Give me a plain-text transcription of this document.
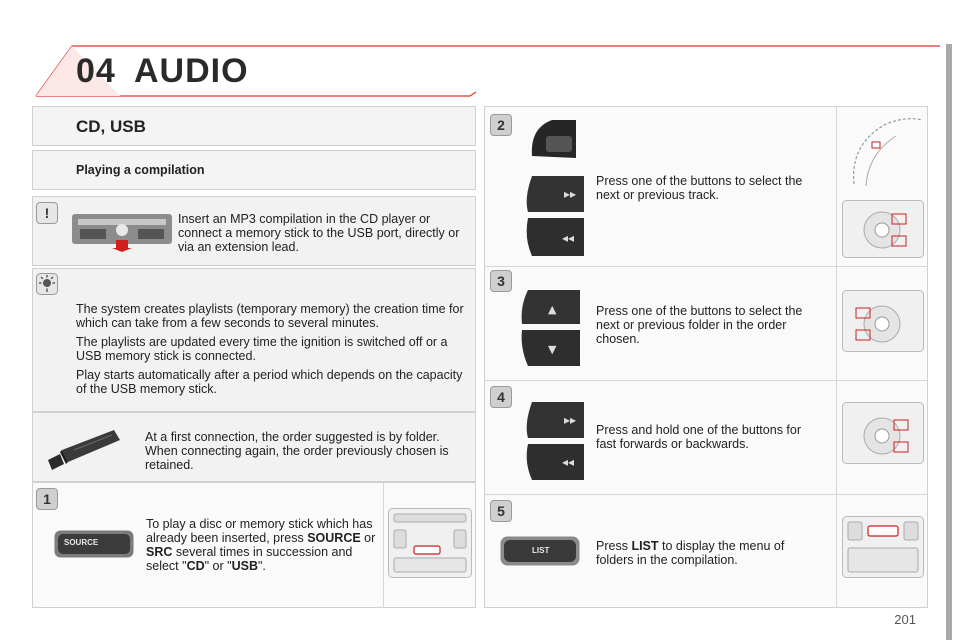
04 AUDIO
CD, USB
Playing a compilation
!	Insert an MP3 compilation in the CD player or connect a memory stick to the USB port, directly or via an extension lead.

The system creates playlists (temporary memory) the creation time for which can take from a few seconds to several minutes.

The playlists are updated every time the ignition is switched off or a USB memory stick is connected.

Play starts automatically after a period which depends on the capacity of the USB memory stick.

At a first connection, the order suggested is by folder. When connecting again, the order previously chosen is retained.
1
SOURCE
To play a disc or memory stick which has already been inserted, press SOURCE or SRC several times in succession and select "CD" or "USB".
2
▸▸
◂◂
Press one of the buttons to select the next or previous track.
3
▲
▼
Press one of the buttons to select the next or previous folder in the order chosen.
4
▸▸
◂◂
Press and hold one of the buttons for fast forwards or backwards.
5
LIST	Press LIST to display the menu of folders in the compilation.
201
